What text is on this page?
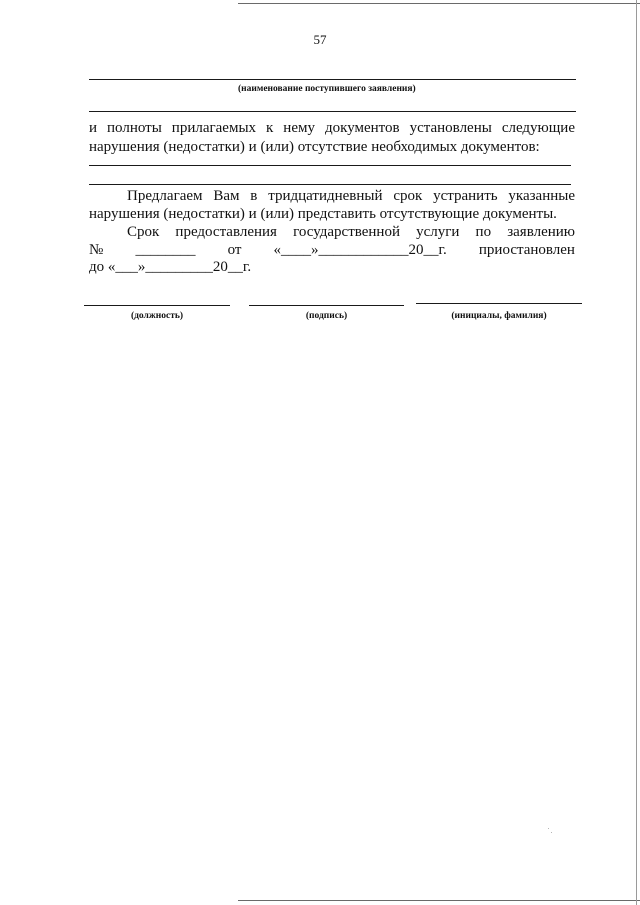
57
(наименование поступившего заявления)
и полноты прилагаемых к нему документов установлены следующие
нарушения (недостатки) и (или) отсутствие необходимых документов:
Предлагаем Вам в тридцатидневный срок устранить указанные
нарушения (недостатки) и (или) представить отсутствующие документы.
Срок предоставления государственной услуги по заявлению
№ ________ от «____»____________20__г. приостановлен
до «___»_________20__г.
(должность)	(подпись)	(инициалы, фамилия)
